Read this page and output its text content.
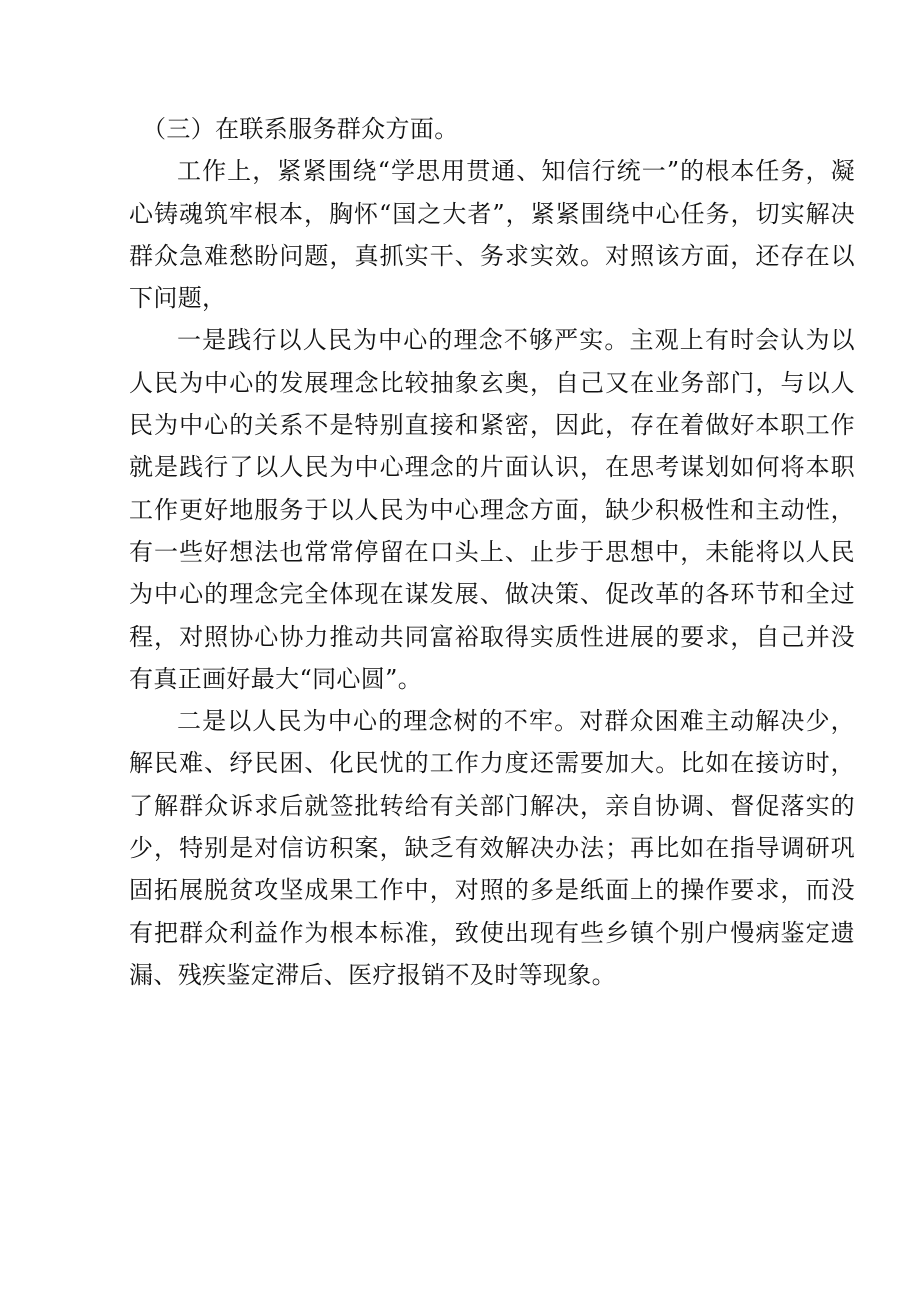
（三）在联系服务群众方面。

工作上，紧紧围绕“学思用贯通、知信行统一”的根本任务，凝心铸魂筑牢根本，胸怀“国之大者”，紧紧围绕中心任务，切实解决群众急难愁盼问题，真抓实干、务求实效。对照该方面，还存在以下问题，

一是践行以人民为中心的理念不够严实。主观上有时会认为以人民为中心的发展理念比较抽象玄奥，自己又在业务部门，与以人民为中心的关系不是特别直接和紧密，因此，存在着做好本职工作就是践行了以人民为中心理念的片面认识，在思考谋划如何将本职工作更好地服务于以人民为中心理念方面，缺少积极性和主动性，有一些好想法也常常停留在口头上、止步于思想中，未能将以人民为中心的理念完全体现在谋发展、做决策、促改革的各环节和全过程，对照协心协力推动共同富裕取得实质性进展的要求，自己并没有真正画好最大“同心圆”。

二是以人民为中心的理念树的不牢。对群众困难主动解决少，解民难、纾民困、化民忧的工作力度还需要加大。比如在接访时，了解群众诉求后就签批转给有关部门解决，亲自协调、督促落实的少，特别是对信访积案，缺乏有效解决办法；再比如在指导调研巩固拓展脱贫攻坚成果工作中，对照的多是纸面上的操作要求，而没有把群众利益作为根本标准，致使出现有些乡镇个别户慢病鉴定遗漏、残疾鉴定滞后、医疗报销不及时等现象。
